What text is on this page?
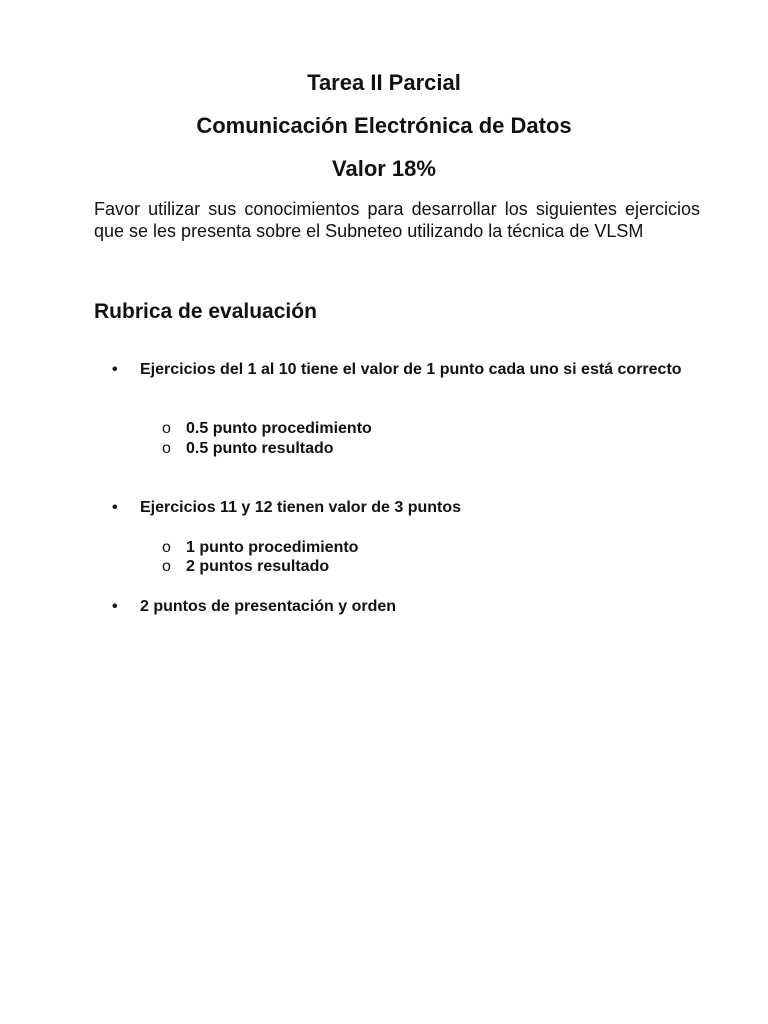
Tarea II Parcial
Comunicación Electrónica de Datos
Valor 18%

Favor utilizar sus conocimientos para desarrollar los siguientes ejercicios que se les presenta sobre el Subneteo utilizando la técnica de VLSM

Rubrica de evaluación
•	Ejercicios del 1 al 10 tiene el valor de 1 punto cada uno si está correcto
o 0.5 punto procedimiento
o 0.5 punto resultado
•	Ejercicios 11 y 12 tienen valor de 3 puntos
o 1 punto procedimiento
o 2 puntos resultado
•	2 puntos de presentación y orden
